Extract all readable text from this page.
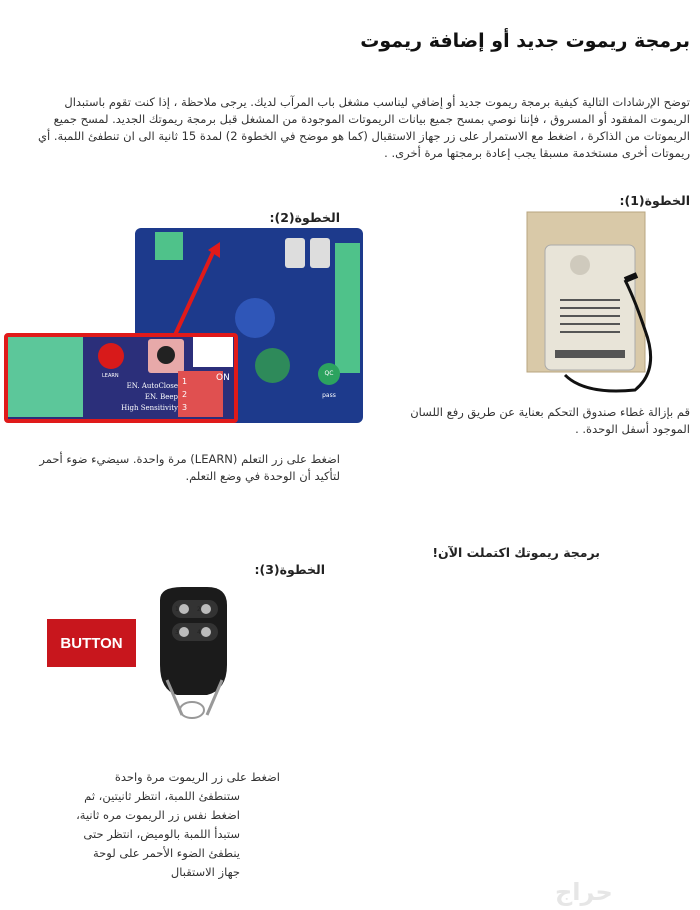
برمجة ريموت جديد أو إضافة ريموت
توضح الإرشادات التالية كيفية برمجة ريموت جديد أو إضافي ليناسب مشغل باب المرآب لديك. يرجى ملاحظة ، إذا كنت تقوم باستبدال الريموت المفقود أو المسروق ، فإننا نوصي بمسح جميع بيانات الريموتات الموجودة من المشغل قبل برمجة ريموتك الجديد. لمسح جميع الريموتات من الذاكرة ، اضغط مع الاستمرار على زر جهاز الاستقبال (كما هو موضح في الخطوة 2) لمدة 15 ثانية الى ان تنطفئ اللمبة. أي ريموتات أخرى مستخدمة مسبقا يجب إعادة برمجتها مرة أخرى. .
الخطوة(1):
قم بإزالة غطاء صندوق التحكم بعناية عن طريق رفع اللسان الموجود أسفل الوحدة. .
الخطوة(2):
QC pass
LEARN	ON
EN. AutoClose
EN. Beep
High Sensitivity
1
2
3
اضغط على زر التعلم (LEARN) مرة واحدة. سيضيء ضوء أحمر لتأكيد أن الوحدة في وضع التعلم.
برمجة ريموتك اكتملت الآن!
الخطوة(3):
BUTTON
1	2
3	4
اضغط على زر الريموت مرة واحدة
ستنطفئ اللمبة، انتظر ثانيتين، ثم
اضغط نفس زر الريموت مره ثانية،
ستبدأ اللمبة بالوميض، انتظر حتى
ينطفئ الضوء الأحمر على لوحة
جهاز الاستقبال
حراج
